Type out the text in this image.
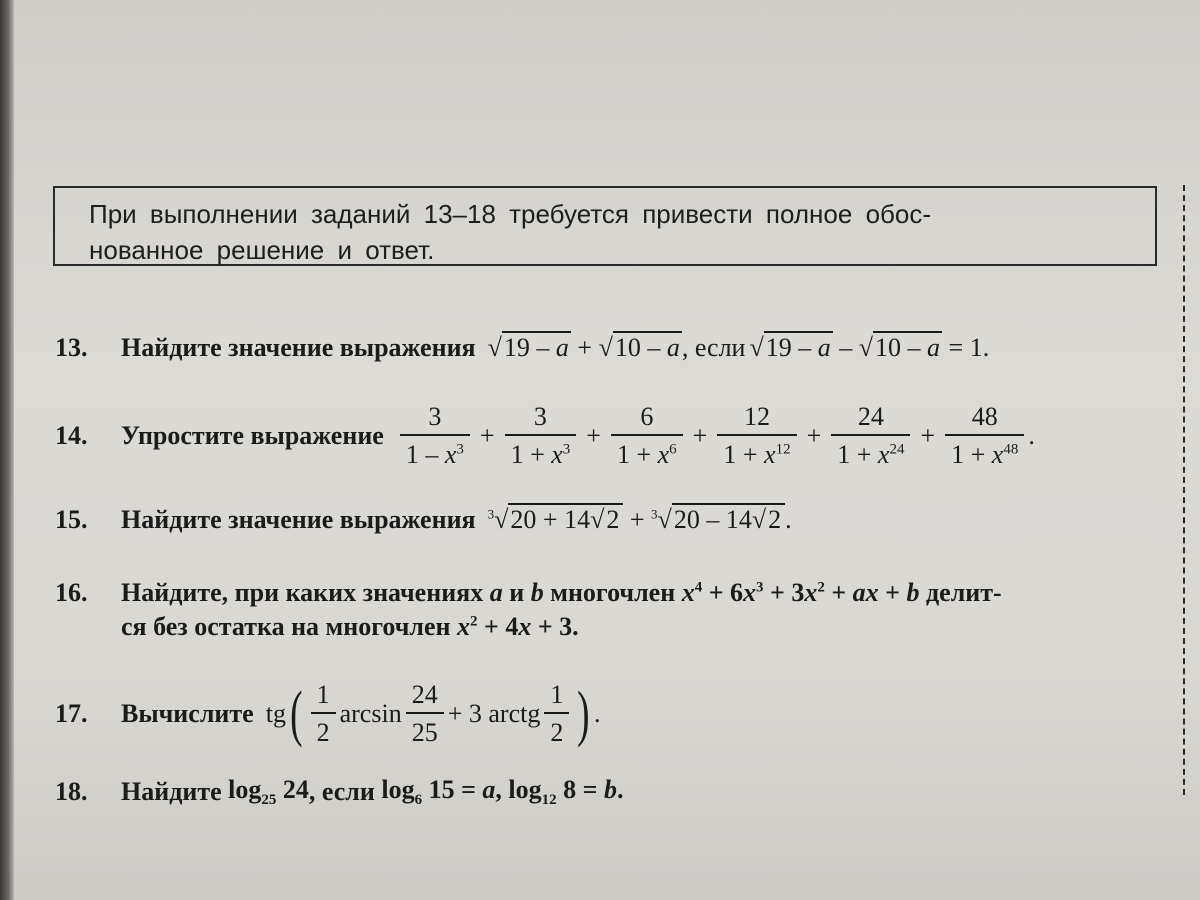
При выполнении заданий 13–18 требуется привести полное обос-
нованное решение и ответ.
13.	Найдите значение выражения √19 – a + √10 – a , если √19 – a – √10 – a = 1.
14.	Упростите выражение $\frac{3}{1 - x^3} + \frac{3}{1 + x^3} + \frac{6}{1 + x^6} + \frac{12}{1 + x^{12}} + \frac{24}{1 + x^{24}} + \frac{48}{1 + x^{48}}$ .
15.	Найдите значение выражения $^3$√20 + 14√2 + $^3$√20 – 14√2 .
16.	Найдите, при каких значениях
a
и
b
многочлен
$x^4 + 6x^3 + 3x^2$ + ax + b
делит-
ся без остатка на многочлен $x^2 + 4x + 3$.
17.	Вычислите tg ( $\frac{1}{2}$ $\arcsin \frac{24}{25} + 3$ arctg $\frac{1}{2}$ ) .
18.	Найдите
$\log_{25} 24$ , если
$\log_6 15 = a$, $\log_{12} 8 = b$.
